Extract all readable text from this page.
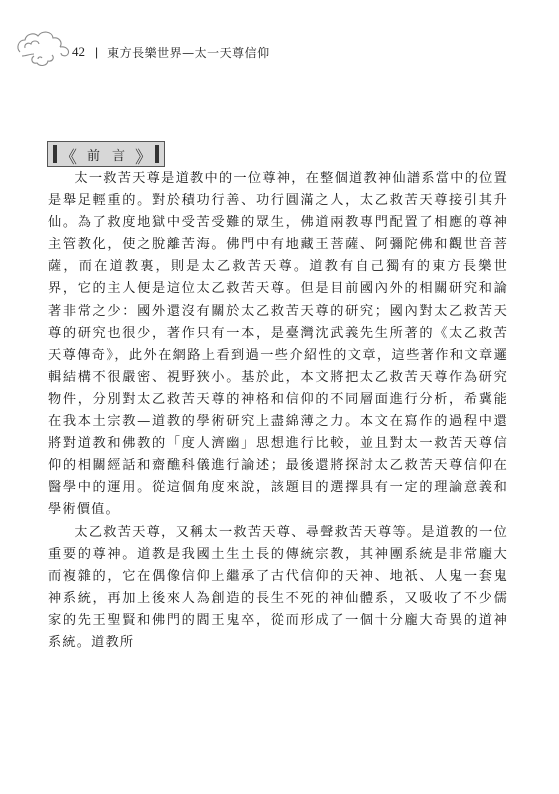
42 | 東方長樂世界—太一天尊信仰
《 前言
》

太一救苦天尊是道教中的一位尊神，在整個道教神仙譜系當中的位置是舉足輕重的。對於積功行善、功行圓滿之人，太乙救苦天尊接引其升仙。為了救度地獄中受苦受難的眾生，佛道兩教專門配置了相應的尊神主管教化，使之脫離苦海。佛門中有地藏王菩薩、阿彌陀佛和觀世音菩薩，而在道教裏，則是太乙救苦天尊。道教有自己獨有的東方長樂世界，它的主人便是這位太乙救苦天尊。但是目前國內外的相關研究和論著非常之少：國外還沒有關於太乙救苦天尊的研究；國內對太乙救苦天尊的研究也很少，著作只有一本，是臺灣沈武義先生所著的《太乙救苦天尊傳奇》，此外在網路上看到過一些介紹性的文章，這些著作和文章邏輯結構不很嚴密、視野狹小。基於此，本文將把太乙救苦天尊作為研究物件，分別對太乙救苦天尊的神格和信仰的不同層面進行分析，希冀能在我本土宗教—道教的學術研究上盡綿薄之力。本文在寫作的過程中還將對道教和佛教的「度人濟幽」思想進行比較，並且對太一救苦天尊信仰的相關經話和齋醮科儀進行論述；最後還將探討太乙救苦天尊信仰在醫學中的運用。從這個角度來說，該題目的選擇具有一定的理論意義和學術價值。

太乙救苦天尊，又稱太一救苦天尊、尋聲救苦天尊等。是道教的一位重要的尊神。道教是我國土生土長的傳統宗教，其神團系統是非常龐大而複雜的，它在偶像信仰上繼承了古代信仰的天神、地祇、人鬼一套鬼神系統，再加上後來人為創造的長生不死的神仙體系，又吸收了不少儒家的先王聖賢和佛門的閻王鬼卒，從而形成了一個十分龐大奇異的道神系統。道教所
